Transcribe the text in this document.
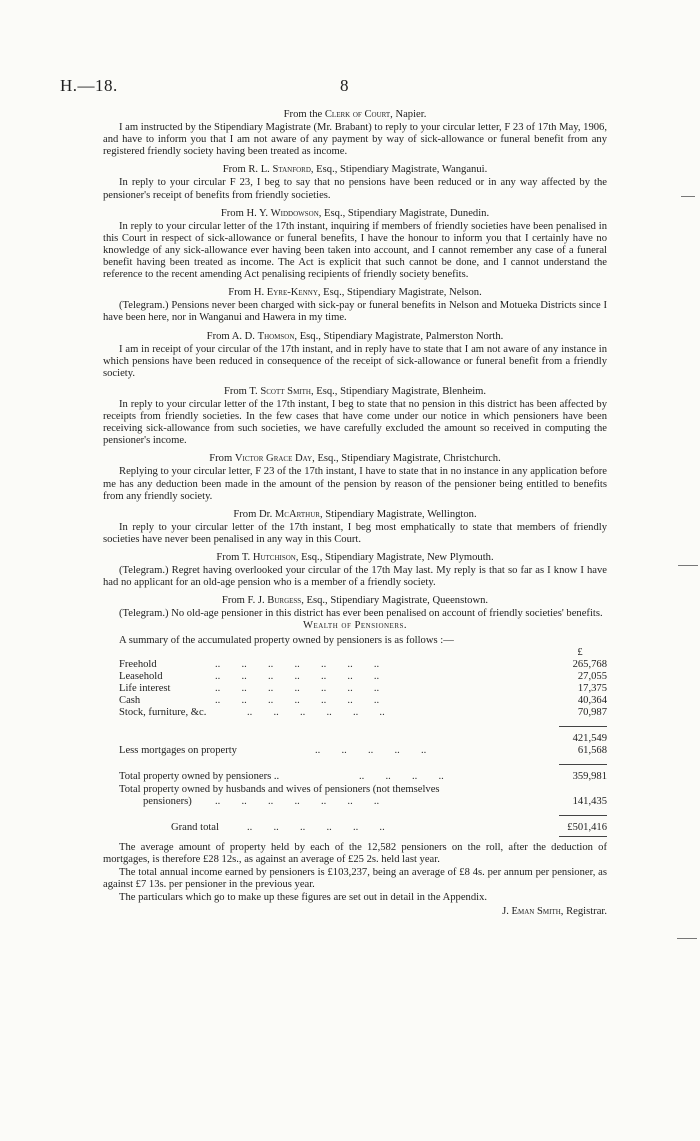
H.—18.	8
From the Clerk of Court, Napier.

I am instructed by the Stipendiary Magistrate (Mr. Brabant) to reply to your circular letter, F 23 of 17th May, 1906, and have to inform you that I am not aware of any payment by way of sick-allowance or funeral benefit from any registered friendly society having been treated as income.

From R. L. Stanford, Esq., Stipendiary Magistrate, Wanganui.

In reply to your circular F 23, I beg to say that no pensions have been reduced or in any way affected by the pensioner's receipt of benefits from friendly societies.

From H. Y. Widdowson, Esq., Stipendiary Magistrate, Dunedin.

In reply to your circular letter of the 17th instant, inquiring if members of friendly societies have been penalised in this Court in respect of sick-allowance or funeral benefits, I have the honour to inform you that I certainly have no knowledge of any sick-allowance ever having been taken into account, and I cannot remember any case of a funeral benefit having been treated as income. The Act is explicit that such cannot be done, and I cannot understand the reference to the recent amending Act penalising recipients of friendly society benefits.

From H. Eyre-Kenny, Esq., Stipendiary Magistrate, Nelson.

(Telegram.) Pensions never been charged with sick-pay or funeral benefits in Nelson and Motueka Districts since I have been here, nor in Wanganui and Hawera in my time.

From A. D. Thomson, Esq., Stipendiary Magistrate, Palmerston North.

I am in receipt of your circular of the 17th instant, and in reply have to state that I am not aware of any instance in which pensions have been reduced in consequence of the receipt of sick-allowance or funeral benefit from a friendly society.

From T. Scott Smith, Esq., Stipendiary Magistrate, Blenheim.

In reply to your circular letter of the 17th instant, I beg to state that no pension in this district has been affected by receipts from friendly societies. In the few cases that have come under our notice in which pensioners have been receiving sick-allowance from such societies, we have carefully excluded the amount so received in computing the pensioner's income.

From Victor Grace Day, Esq., Stipendiary Magistrate, Christchurch.

Replying to your circular letter, F 23 of the 17th instant, I have to state that in no instance in any application before me has any deduction been made in the amount of the pension by reason of the pensioner being entitled to benefits from any friendly society.

From Dr. McArthur, Stipendiary Magistrate, Wellington.

In reply to your circular letter of the 17th instant, I beg most emphatically to state that members of friendly societies have never been penalised in any way in this Court.

From T. Hutchison, Esq., Stipendiary Magistrate, New Plymouth.

(Telegram.) Regret having overlooked your circular of the 17th May last. My reply is that so far as I know I have had no applicant for an old-age pension who is a member of a friendly society.

From F. J. Burgess, Esq., Stipendiary Magistrate, Queenstown.

(Telegram.) No old-age pensioner in this district has ever been penalised on account of friendly societies' benefits.

Wealth of Pensioners.

A summary of the accumulated property owned by pensioners is as follows :—

£
Freehold	..        ..        ..        ..        ..        ..        ..	265,768
Leasehold	..        ..        ..        ..        ..        ..        ..	27,055
Life interest	..        ..        ..        ..        ..        ..        ..	17,375
Cash	..        ..        ..        ..        ..        ..        ..	40,364
Stock, furniture, &c.	..        ..        ..        ..        ..        ..	70,987
421,549
Less mortgages on property	..        ..        ..        ..        ..	61,568
Total property owned by pensioners ..	..        ..        ..        ..	359,981
Total property owned by husbands and wives of pensioners (not themselves
pensioners) ..        ..        ..        ..        ..        ..        ..	141,435
Grand total	..        ..        ..        ..        ..        ..	£501,416

The average amount of property held by each of the 12,582 pensioners on the roll, after the deduction of mortgages, is therefore £28 12s., as against an average of £25 2s. held last year.

The total annual income earned by pensioners is £103,237, being an average of £8 4s. per annum per pensioner, as against £7 13s. per pensioner in the previous year.

The particulars which go to make up these figures are set out in detail in the Appendix.

J. Eman Smith, Registrar.
